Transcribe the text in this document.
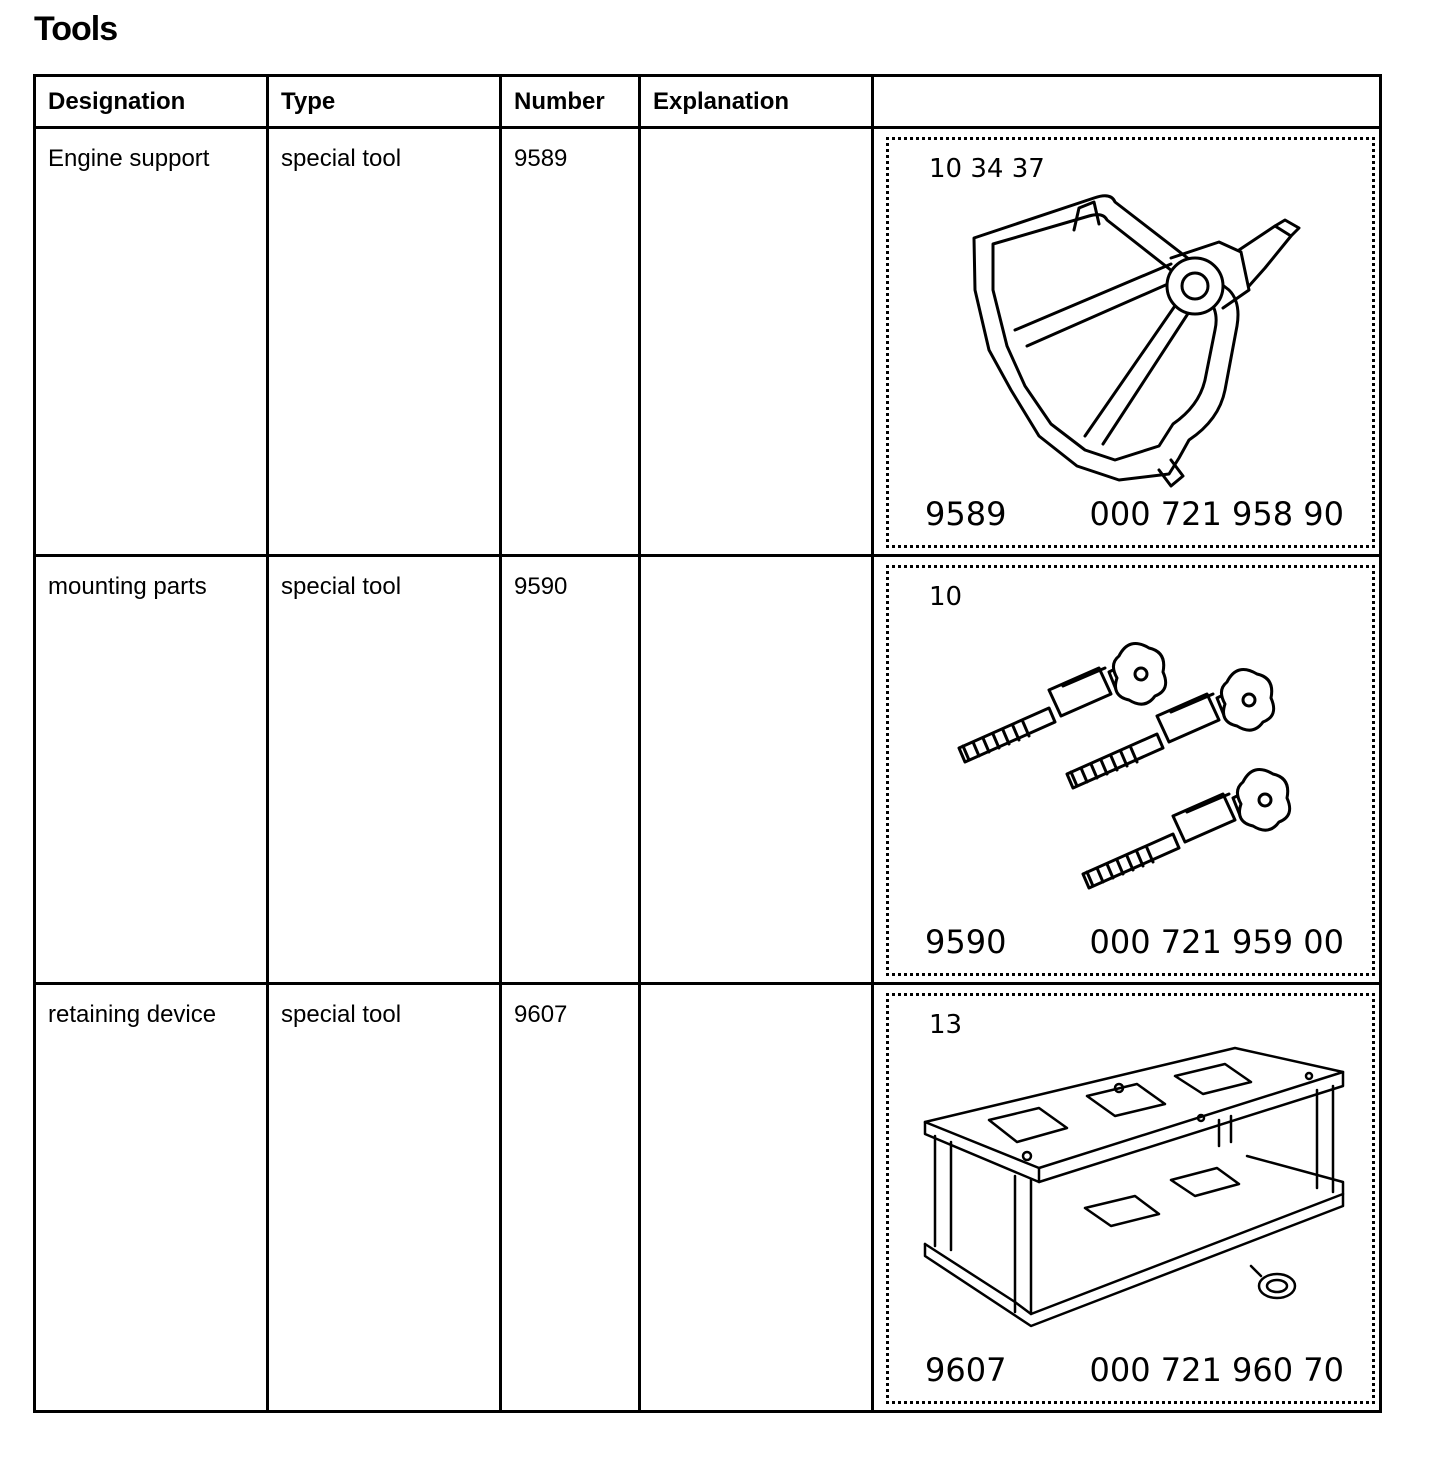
Tools
Designation	Type	Number	Explanation	
Engine support	special tool	9589		10 34 37
9589 000 721 958 90

mounting parts	special tool	9590		10
9590 000 721 959 00

retaining device	special tool	9607		13
9607 000 721 960 70
